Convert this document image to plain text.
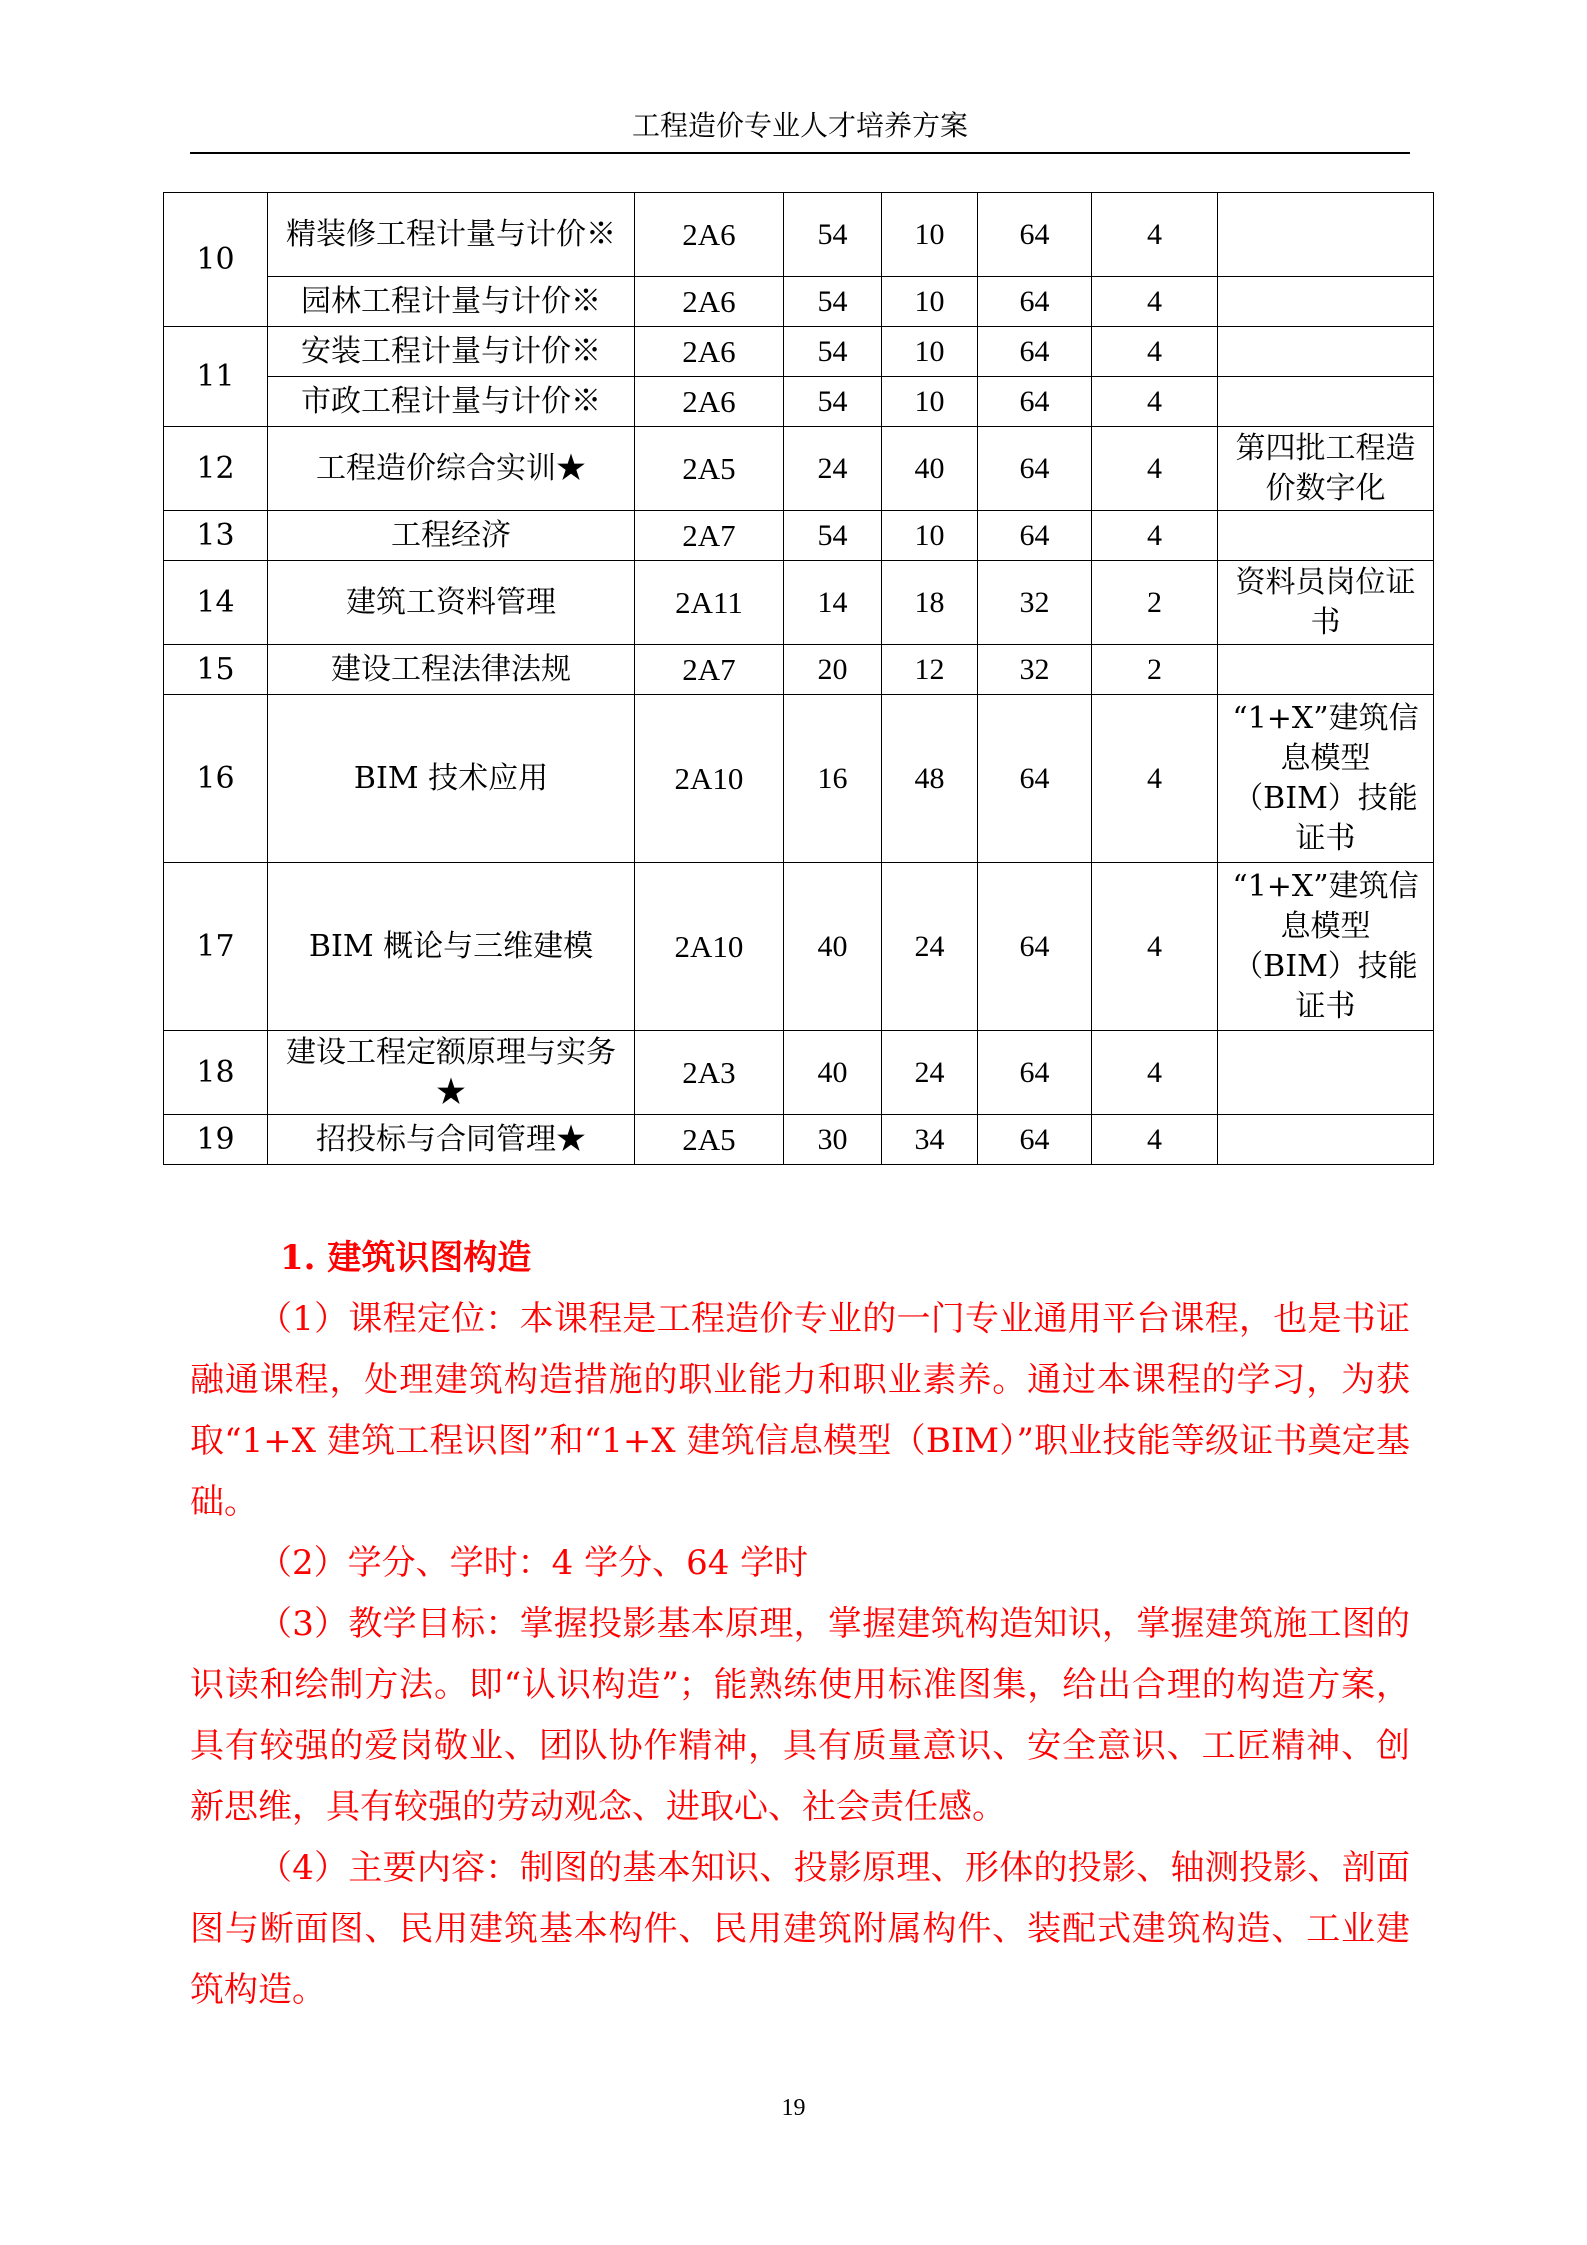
工程造价专业人才培养方案
10	精装修工程计量与计价※	2A6	54	10	64	4	
	园林工程计量与计价※	2A6	54	10	64	4	
11	安装工程计量与计价※	2A6	54	10	64	4	
	市政工程计量与计价※	2A6	54	10	64	4	
12	工程造价综合实训★	2A5	24	40	64	4	第四批工程造价数字化
13	工程经济	2A7	54	10	64	4	
14	建筑工资料管理	2A11	14	18	32	2	资料员岗位证书
15	建设工程法律法规	2A7	20	12	32	2	
16	BIM 技术应用	2A10	16	48	64	4	“1+X”建筑信息模型（BIM）技能证书
17	BIM 概论与三维建模	2A10	40	24	64	4	“1+X”建筑信息模型（BIM）技能证书
18	建设工程定额原理与实务★	2A3	40	24	64	4	
19	招投标与合同管理★	2A5	30	34	64	4	

1. 建筑识图构造

（1）课程定位：本课程是工程造价专业的一门专业通用平台课程，也是书证融通课程，处理建筑构造措施的职业能力和职业素养。通过本课程的学习，为获取“1+X 建筑工程识图”和“1+X 建筑信息模型（BIM）”职业技能等级证书奠定基础。

（2）学分、学时：4 学分、64 学时

（3）教学目标：掌握投影基本原理，掌握建筑构造知识，掌握建筑施工图的识读和绘制方法。即“认识构造”；能熟练使用标准图集，给出合理的构造方案，具有较强的爱岗敬业、团队协作精神，具有质量意识、安全意识、工匠精神、创新思维，具有较强的劳动观念、进取心、社会责任感。

（4）主要内容：制图的基本知识、投影原理、形体的投影、轴测投影、剖面图与断面图、民用建筑基本构件、民用建筑附属构件、装配式建筑构造、工业建筑构造。

19
